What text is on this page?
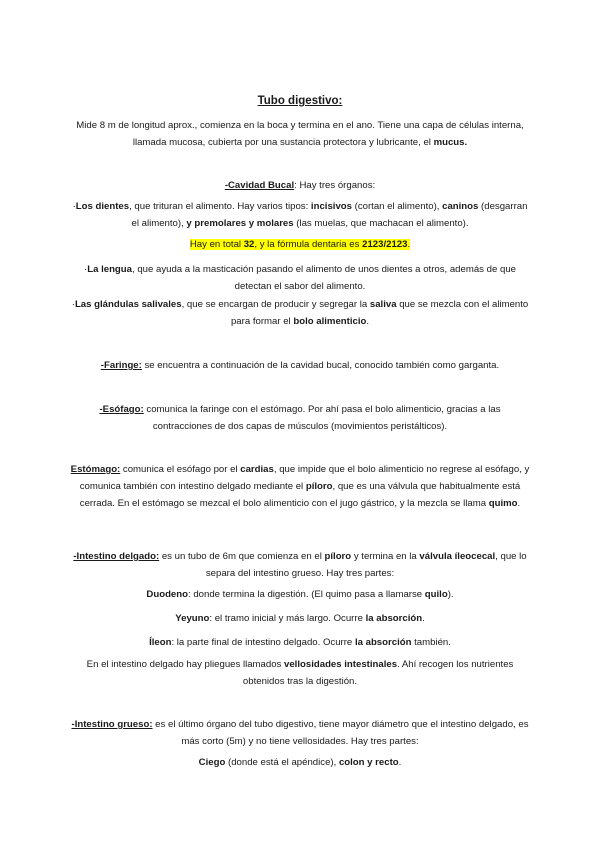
Tubo digestivo:

Mide 8 m de longitud aprox., comienza en la boca y termina en el ano. Tiene una capa de células interna, llamada mucosa, cubierta por una sustancia protectora y lubricante, el mucus.

-Cavidad Bucal: Hay tres órganos:

·Los dientes, que trituran el alimento. Hay varios tipos: incisivos (cortan el alimento), caninos (desgarran el alimento), y premolares y molares (las muelas, que machacan el alimento).

Hay en total 32, y la fórmula dentaria es 2123/2123.

·La lengua, que ayuda a la masticación pasando el alimento de unos dientes a otros, además de que detectan el sabor del alimento.

·Las glándulas salivales, que se encargan de producir y segregar la saliva que se mezcla con el alimento para formar el bolo alimenticio.

-Faringe: se encuentra a continuación de la cavidad bucal, conocido también como garganta.

-Esófago: comunica la faringe con el estómago. Por ahí pasa el bolo alimenticio, gracias a las contracciones de dos capas de músculos (movimientos peristálticos).

Estómago: comunica el esófago por el cardias, que impide que el bolo alimenticio no regrese al esófago, y comunica también con intestino delgado mediante el píloro, que es una válvula que habitualmente está cerrada. En el estómago se mezcal el bolo alimenticio con el jugo gástrico, y la mezcla se llama quimo.

-Intestino delgado: es un tubo de 6m que comienza en el píloro y termina en la válvula íleocecal, que lo separa del intestino grueso. Hay tres partes:

Duodeno: donde termina la digestión. (El quimo pasa a llamarse quilo).

Yeyuno: el tramo inicial y más largo. Ocurre la absorción.

Íleon: la parte final de intestino delgado. Ocurre la absorción también.

En el intestino delgado hay pliegues llamados vellosidades intestinales. Ahí recogen los nutrientes obtenidos tras la digestión.

-Intestino grueso: es el último órgano del tubo digestivo, tiene mayor diámetro que el intestino delgado, es más corto (5m) y no tiene vellosidades. Hay tres partes:

Ciego (donde está el apéndice), colon y recto.
